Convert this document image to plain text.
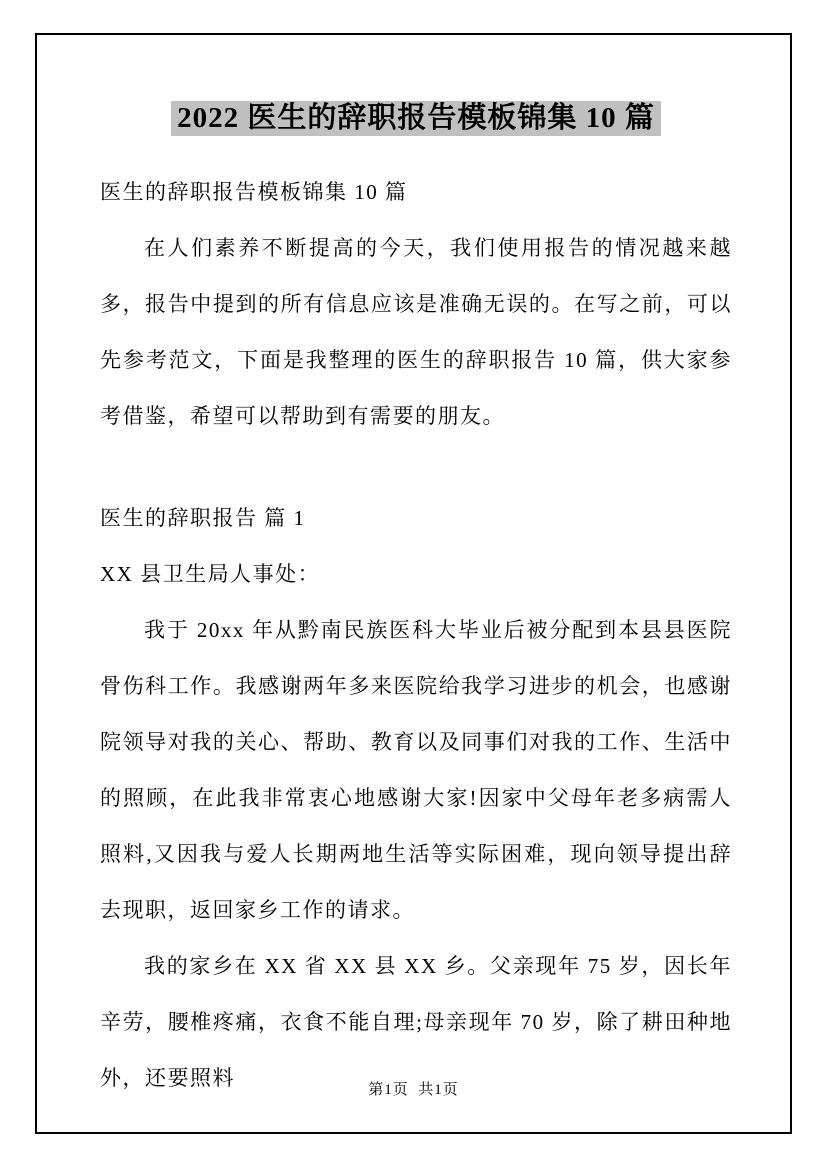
2022 医生的辞职报告模板锦集 10 篇

医生的辞职报告模板锦集 10 篇

在人们素养不断提高的今天，我们使用报告的情况越来越多，报告中提到的所有信息应该是准确无误的。在写之前，可以先参考范文，下面是我整理的医生的辞职报告 10 篇，供大家参考借鉴，希望可以帮助到有需要的朋友。

医生的辞职报告 篇 1

XX 县卫生局人事处：

我于 20xx 年从黔南民族医科大毕业后被分配到本县县医院骨伤科工作。我感谢两年多来医院给我学习进步的机会，也感谢院领导对我的关心、帮助、教育以及同事们对我的工作、生活中的照顾，在此我非常衷心地感谢大家!因家中父母年老多病需人照料,又因我与爱人长期两地生活等实际困难，现向领导提出辞去现职，返回家乡工作的请求。

我的家乡在 XX 省 XX 县 XX 乡。父亲现年 75 岁，因长年辛劳，腰椎疼痛，衣食不能自理;母亲现年 70 岁，除了耕田种地外，还要照料	第1页  共1页
